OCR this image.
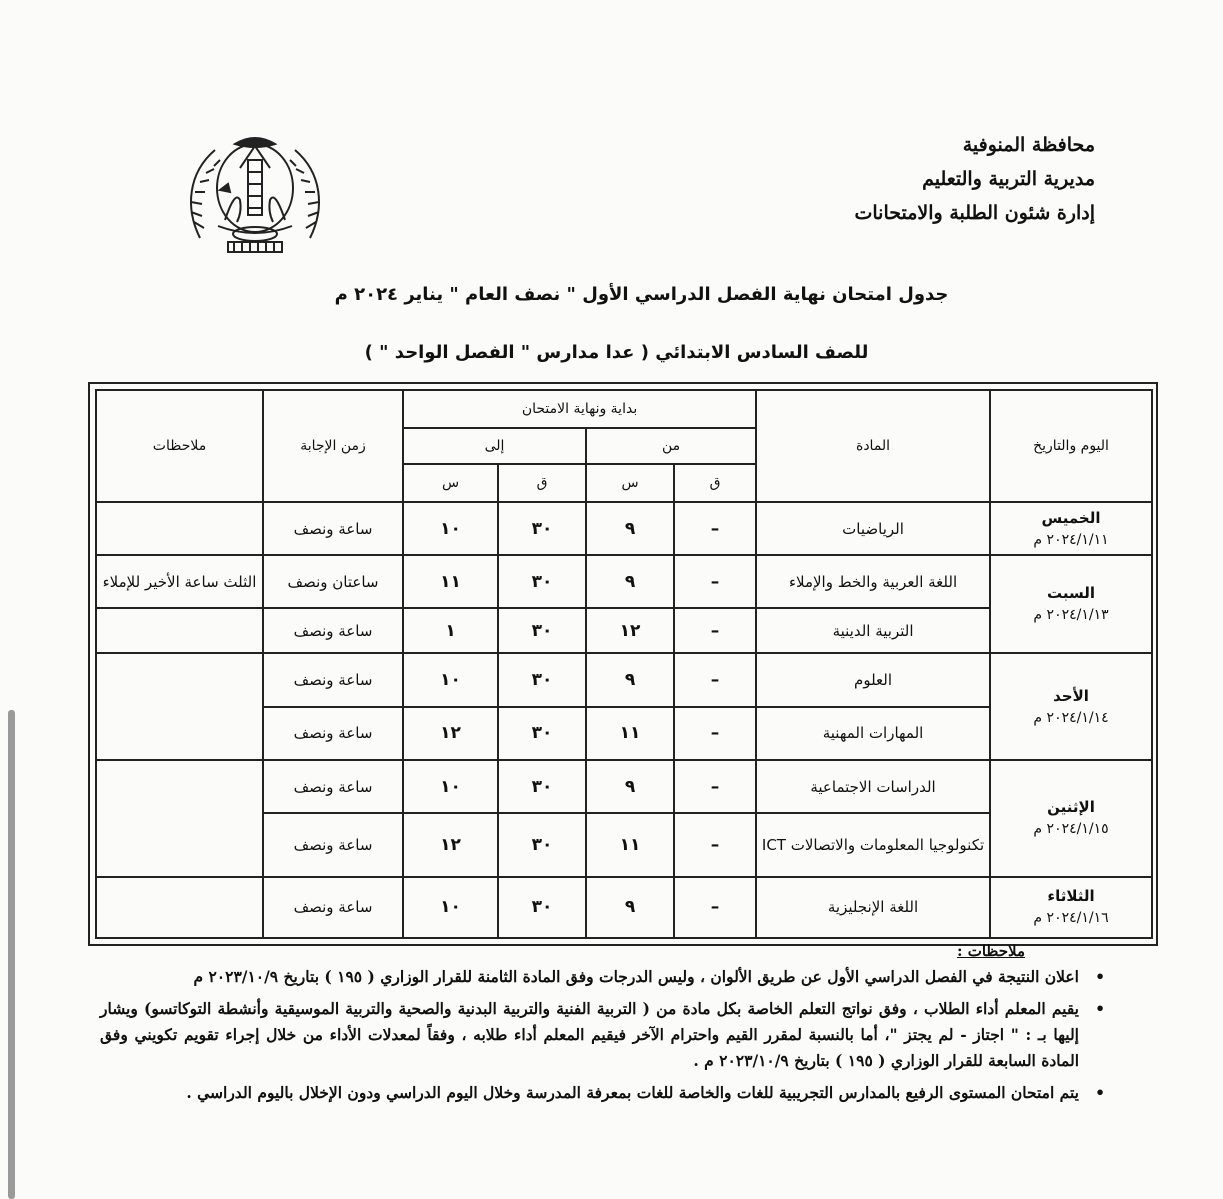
محافظة المنوفية
مديرية التربية والتعليم
إدارة شئون الطلبة والامتحانات
جدول امتحان نهاية الفصل الدراسي الأول " نصف العام " يناير ٢٠٢٤ م
للصف السادس الابتدائي ( عدا مدارس " الفصل الواحد " )
اليوم والتاريخ	المادة	بداية ونهاية الامتحان				زمن الإجابة	ملاحظات
		من		إلى			
		ق	س	ق	س		

الخميس
٢٠٢٤/١/١١ م	الرياضيات	–	٩	٣٠	١٠	ساعة ونصف	

السبت
٢٠٢٤/١/١٣ م	اللغة العربية والخط والإملاء	–	٩	٣٠	١١	ساعتان ونصف	الثلث ساعة الأخير للإملاء
	التربية الدينية	–	١٢	٣٠	١	ساعة ونصف	

الأحد
٢٠٢٤/١/١٤ م	العلوم	–	٩	٣٠	١٠	ساعة ونصف	
	المهارات المهنية	–	١١	٣٠	١٢	ساعة ونصف	

الإثنين
٢٠٢٤/١/١٥ م	الدراسات الاجتماعية	–	٩	٣٠	١٠	ساعة ونصف	
	تكنولوجيا المعلومات والاتصالات ICT	–	١١	٣٠	١٢	ساعة ونصف	

الثلاثاء
٢٠٢٤/١/١٦ م	اللغة الإنجليزية	–	٩	٣٠	١٠	ساعة ونصف	
ملاحظات :
•
اعلان النتيجة في الفصل الدراسي الأول عن طريق الألوان ، وليس الدرجات وفق المادة الثامنة للقرار الوزاري ( ١٩٥ ) بتاريخ ٢٠٢٣/١٠/٩ م
•
يقيم المعلم أداء الطلاب ، وفق نواتج التعلم الخاصة بكل مادة من ( التربية الفنية والتربية البدنية والصحية والتربية الموسيقية وأنشطة التوكاتسو) ويشار إليها بـ : " اجتاز - لم يجتز "، أما بالنسبة لمقرر القيم واحترام الآخر فيقيم المعلم أداء طلابه ، وفقاً لمعدلات الأداء من خلال إجراء تقويم تكويني وفق المادة السابعة للقرار الوزاري ( ١٩٥ ) بتاريخ ٢٠٢٣/١٠/٩ م .
•
يتم امتحان المستوى الرفيع بالمدارس التجريبية للغات والخاصة للغات بمعرفة المدرسة وخلال اليوم الدراسي ودون الإخلال باليوم الدراسي .
